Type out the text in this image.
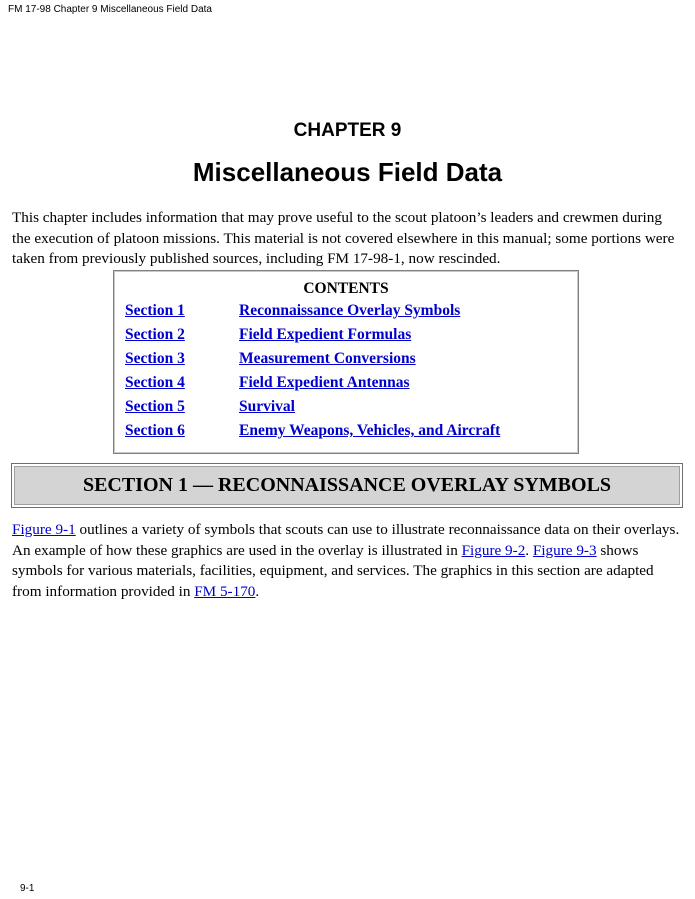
FM 17-98 Chapter 9 Miscellaneous Field Data
CHAPTER 9
Miscellaneous Field Data

This chapter includes information that may prove useful to the scout platoon’s leaders and crewmen during the execution of platoon missions. This material is not covered elsewhere in this manual; some portions were taken from previously published sources, including FM 17-98-1, now rescinded.

CONTENTS
Section 1	Reconnaissance Overlay Symbols
Section 2	Field Expedient Formulas
Section 3	Measurement Conversions
Section 4	Field Expedient Antennas
Section 5	Survival
Section 6	Enemy Weapons, Vehicles, and Aircraft
SECTION 1 — RECONNAISSANCE OVERLAY SYMBOLS

Figure 9-1 outlines a variety of symbols that scouts can use to illustrate reconnaissance data on their overlays. An example of how these graphics are used in the overlay is illustrated in Figure 9-2. Figure 9-3 shows symbols for various materials, facilities, equipment, and services. The graphics in this section are adapted from information provided in FM 5-170.

9-1
